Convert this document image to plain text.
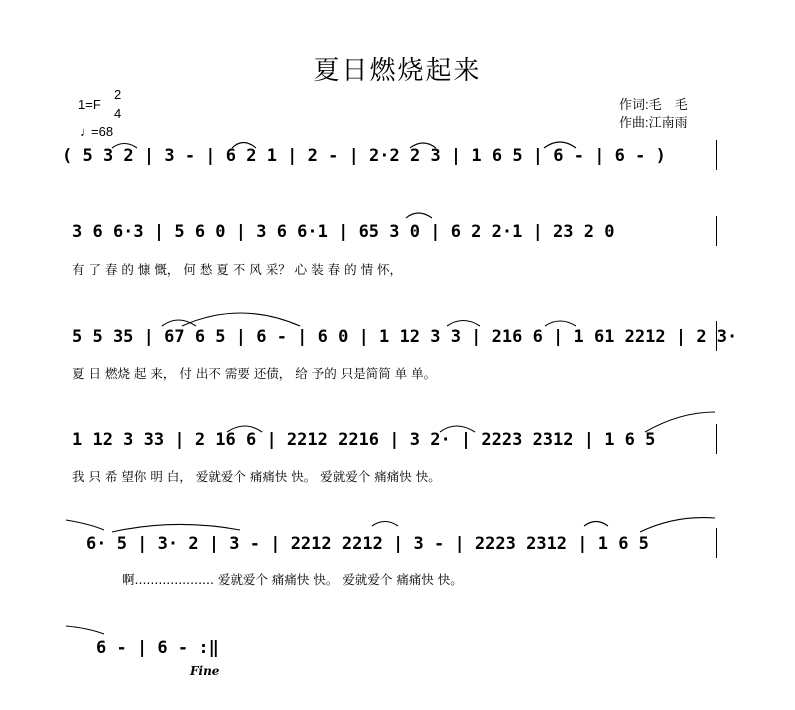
夏日燃烧起来
1=F
2
4
♩
=68
作词:毛　毛
作曲:江南雨
( 5 3 2 | 3 - | 6 2 1 | 2 - | 2·2 2 3 | 1 6 5 | 6 - | 6 - )
3 6 6·3 | 5 6 0 | 3 6 6·1 | 65 3 0 | 6 2 2·1 | 23 2 0
有 了 春 的 慷 慨， 何 愁 夏 不 风 采？ 心 装 春 的 情 怀，
5 5 35 | 67 6 5 | 6 - | 6 0 | 1 12 3 3 | 216 6 | 1 61 2212 | 2 3·
夏 日 燃烧 起 来， 付 出不 需要 还债， 给 予的 只是简简 单 单。
1 12 3 33 | 2 16 6 | 2212 2216 | 3 2· | 2223 2312 | 1 6 5
我 只 希 望你 明 白， 爱就爱个 痛痛快 快。 爱就爱个 痛痛快 快。
6· 5 | 3· 2 | 3 - | 2212 2212 | 3 - | 2223 2312 | 1 6 5
啊.................... 爱就爱个 痛痛快 快。 爱就爱个 痛痛快 快。
6 - | 6 - :‖
Fine
